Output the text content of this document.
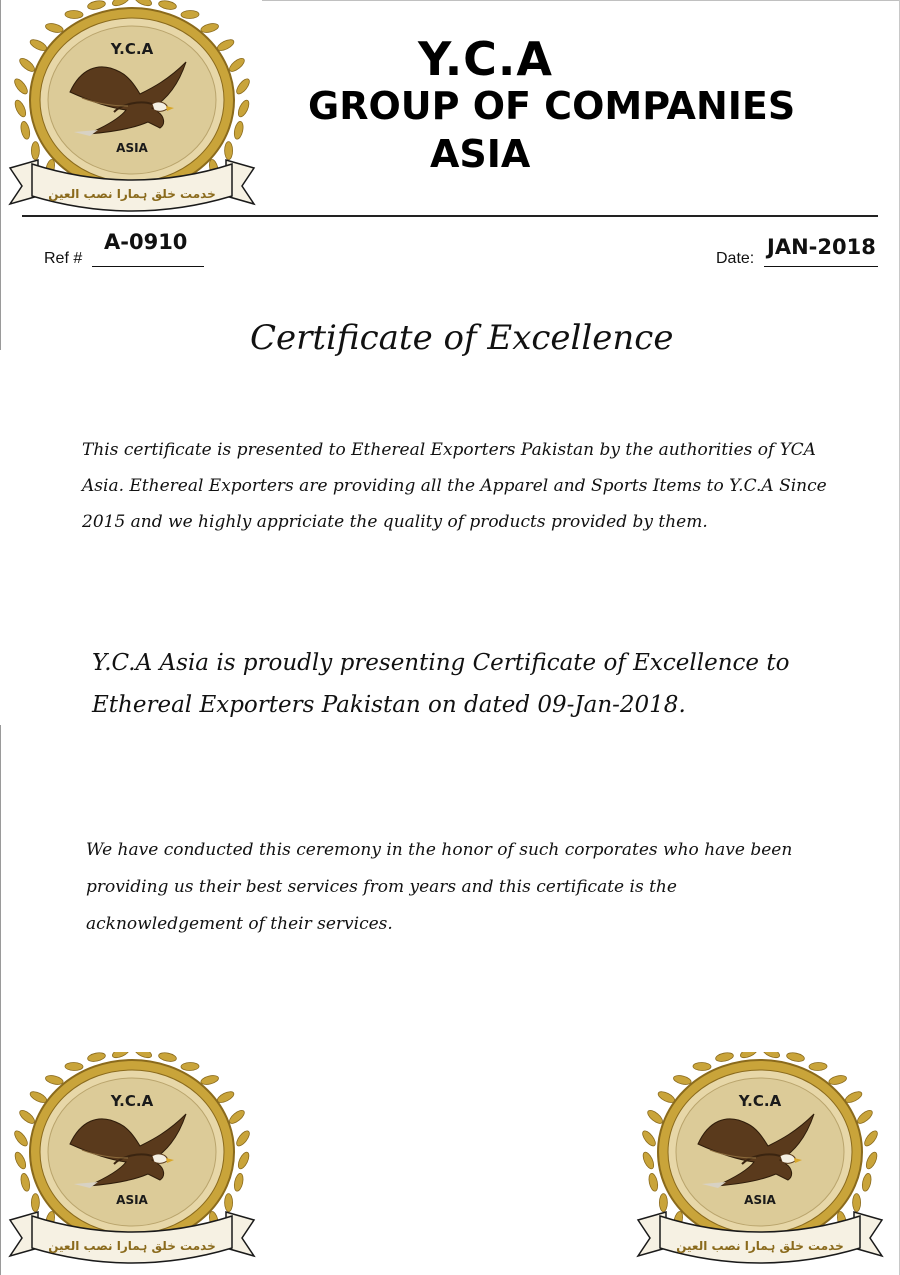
Y.C.A
ASIA
خدمت خلق ہمارا نصب العین
Y.C.A
ASIA
خدمت خلق ہمارا نصب العین
Y.C.A
ASIA
خدمت خلق ہمارا نصب العین
Y.C.A
GROUP OF COMPANIES
ASIA
Ref #
A-0910
Date: JAN-2018
Certificate of Excellence
This certificate is presented to Ethereal Exporters Pakistan by the authorities of YCA Asia. Ethereal Exporters are providing all the Apparel and Sports Items to Y.C.A Since 2015 and we highly appriciate the quality of products provided by them.
Y.C.A Asia is proudly presenting Certificate of Excellence to Ethereal Exporters Pakistan on dated 09-Jan-2018.
We have conducted this ceremony in the honor of such corporates who have been providing us their best services from years and this certificate is the acknowledgement of their services.
